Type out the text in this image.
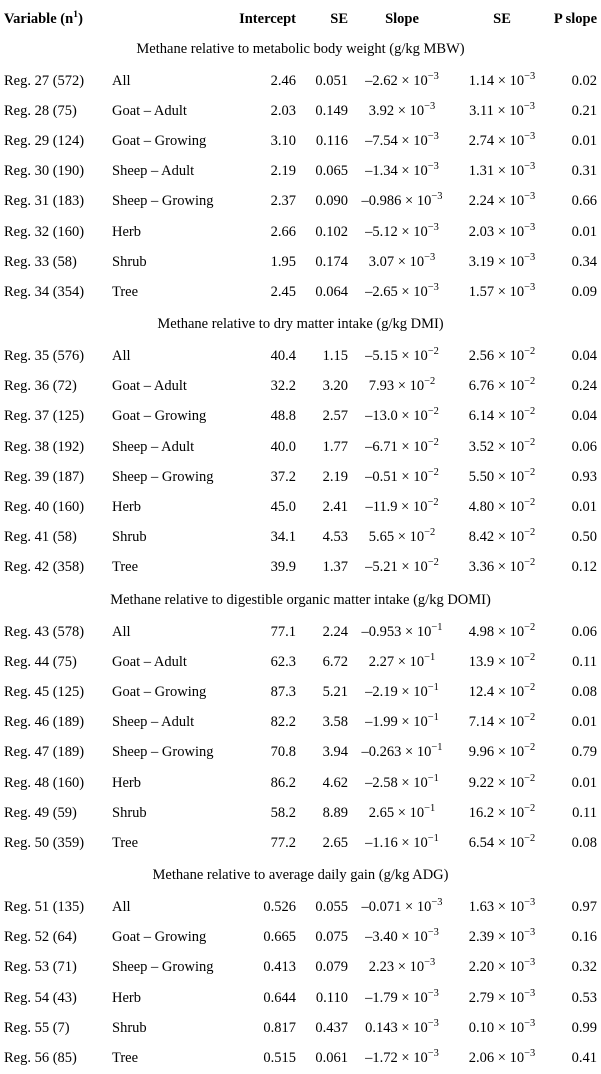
Variable $(n^1)$		Intercept	SE	Slope	SE	P slope
Methane relative to metabolic body weight (g/kg MBW)						
Reg. 27 (572)	All	2.46	0.051	$-2.62 \times 10^{-3}$	$1.14 \times 10^{-3}$	0.02
Reg. 28 (75)	Goat – Adult	2.03	0.149	$3.92 \times 10^{-3}$	$3.11 \times 10^{-3}$	0.21
Reg. 29 (124)	Goat – Growing	3.10	0.116	$-7.54 \times 10^{-3}$	$2.74 \times 10^{-3}$	0.01
Reg. 30 (190)	Sheep – Adult	2.19	0.065	$-1.34 \times 10^{-3}$	$1.31 \times 10^{-3}$	0.31
Reg. 31 (183)	Sheep – Growing	2.37	0.090	$-0.986 \times 10^{-3}$	$2.24 \times 10^{-3}$	0.66
Reg. 32 (160)	Herb	2.66	0.102	$-5.12 \times 10^{-3}$	$2.03 \times 10^{-3}$	0.01
Reg. 33 (58)	Shrub	1.95	0.174	$3.07 \times 10^{-3}$	$3.19 \times 10^{-3}$	0.34
Reg. 34 (354)	Tree	2.45	0.064	$-2.65 \times 10^{-3}$	$1.57 \times 10^{-3}$	0.09
Methane relative to dry matter intake (g/kg DMI)						
Reg. 35 (576)	All	40.4	1.15	$-5.15 \times 10^{-2}$	$2.56 \times 10^{-2}$	0.04
Reg. 36 (72)	Goat – Adult	32.2	3.20	$7.93 \times 10^{-2}$	$6.76 \times 10^{-2}$	0.24
Reg. 37 (125)	Goat – Growing	48.8	2.57	$-13.0 \times 10^{-2}$	$6.14 \times 10^{-2}$	0.04
Reg. 38 (192)	Sheep – Adult	40.0	1.77	$-6.71 \times 10^{-2}$	$3.52 \times 10^{-2}$	0.06
Reg. 39 (187)	Sheep – Growing	37.2	2.19	$-0.51 \times 10^{-2}$	$5.50 \times 10^{-2}$	0.93
Reg. 40 (160)	Herb	45.0	2.41	$-11.9 \times 10^{-2}$	$4.80 \times 10^{-2}$	0.01
Reg. 41 (58)	Shrub	34.1	4.53	$5.65 \times 10^{-2}$	$8.42 \times 10^{-2}$	0.50
Reg. 42 (358)	Tree	39.9	1.37	$-5.21 \times 10^{-2}$	$3.36 \times 10^{-2}$	0.12
Methane relative to digestible organic matter intake (g/kg DOMI)						
Reg. 43 (578)	All	77.1	2.24	$-0.953 \times 10^{-1}$	$4.98 \times 10^{-2}$	0.06
Reg. 44 (75)	Goat – Adult	62.3	6.72	$2.27 \times 10^{-1}$	$13.9 \times 10^{-2}$	0.11
Reg. 45 (125)	Goat – Growing	87.3	5.21	$-2.19 \times 10^{-1}$	$12.4 \times 10^{-2}$	0.08
Reg. 46 (189)	Sheep – Adult	82.2	3.58	$-1.99 \times 10^{-1}$	$7.14 \times 10^{-2}$	0.01
Reg. 47 (189)	Sheep – Growing	70.8	3.94	$-0.263 \times 10^{-1}$	$9.96 \times 10^{-2}$	0.79
Reg. 48 (160)	Herb	86.2	4.62	$-2.58 \times 10^{-1}$	$9.22 \times 10^{-2}$	0.01
Reg. 49 (59)	Shrub	58.2	8.89	$2.65 \times 10^{-1}$	$16.2 \times 10^{-2}$	0.11
Reg. 50 (359)	Tree	77.2	2.65	$-1.16 \times 10^{-1}$	$6.54 \times 10^{-2}$	0.08
Methane relative to average daily gain (g/kg ADG)						
Reg. 51 (135)	All	0.526	0.055	$-0.071 \times 10^{-3}$	$1.63 \times 10^{-3}$	0.97
Reg. 52 (64)	Goat – Growing	0.665	0.075	$-3.40 \times 10^{-3}$	$2.39 \times 10^{-3}$	0.16
Reg. 53 (71)	Sheep – Growing	0.413	0.079	$2.23 \times 10^{-3}$	$2.20 \times 10^{-3}$	0.32
Reg. 54 (43)	Herb	0.644	0.110	$-1.79 \times 10^{-3}$	$2.79 \times 10^{-3}$	0.53
Reg. 55 (7)	Shrub	0.817	0.437	$0.143 \times 10^{-3}$	$0.10 \times 10^{-3}$	0.99
Reg. 56 (85)	Tree	0.515	0.061	$-1.72 \times 10^{-3}$	$2.06 \times 10^{-3}$	0.41
